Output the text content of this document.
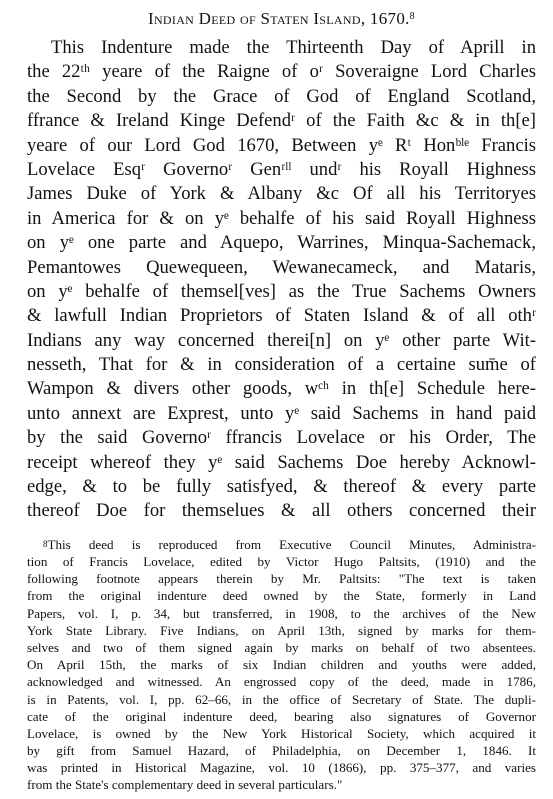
Indian Deed of Staten Island, 1670.$^8$
This Indenture made the Thirteenth Day of Aprill in
the 22ᵗʰ yeare of the Raigne of oʳ Soveraigne Lord Charles
the Second by the Grace of God of England Scotland,
ffrance & Ireland Kinge Defendʳ of the Faith &c & in th[e]
yeare of our Lord God 1670, Between yᵉ Rᵗ Honᵇˡᵉ Francis
Lovelace Esqʳ Governoʳ Genʳˡˡ undʳ his Royall Highness
James Duke of York & Albany &c Of all his Territoryes
in America for & on yᵉ behalfe of his said Royall Highness
on yᵉ one parte and Aquepo, Warrines, Minqua-Sachemack,
Pemantowes Quewequeen, Wewanecameck, and Mataris,
on yᵉ behalfe of themsel[ves] as the True Sachems Owners
& lawfull Indian Proprietors of Staten Island & of all othʳ
Indians any way concerned therei[n] on yᵉ other parte Wit-
nesseth, That for & in consideration of a certaine sum̄e of
Wampon & divers other goods, wᶜʰ in th[e] Schedule here-
unto annext are Exprest, unto yᵉ said Sachems in hand paid
by the said Governoʳ ffrancis Lovelace or his Order, The
receipt whereof they yᵉ said Sachems Doe hereby Acknowl-
edge, & to be fully satisfyed, & thereof & every parte
thereof Doe for themselues & all others concerned their
$^8$This deed is reproduced from Executive Council Minutes, Administra-
tion of Francis Lovelace, edited by Victor Hugo Paltsits, (1910) and the
following footnote appears therein by Mr. Paltsits: "The text is taken
from the original indenture deed owned by the State, formerly in Land
Papers, vol. I, p. 34, but transferred, in 1908, to the archives of the New
York State Library. Five Indians, on April 13th, signed by marks for them-
selves and two of them signed again by marks on behalf of two absentees.
On April 15th, the marks of six Indian children and youths were added,
acknowledged and witnessed. An engrossed copy of the deed, made in 1786,
is in Patents, vol. I, pp. 62–66, in the office of Secretary of State. The dupli-
cate of the original indenture deed, bearing also signatures of Governor
Lovelace, is owned by the New York Historical Society, which acquired it
by gift from Samuel Hazard, of Philadelphia, on December 1, 1846. It
was printed in Historical Magazine, vol. 10 (1866), pp. 375–377, and varies
from the State's complementary deed in several particulars."
